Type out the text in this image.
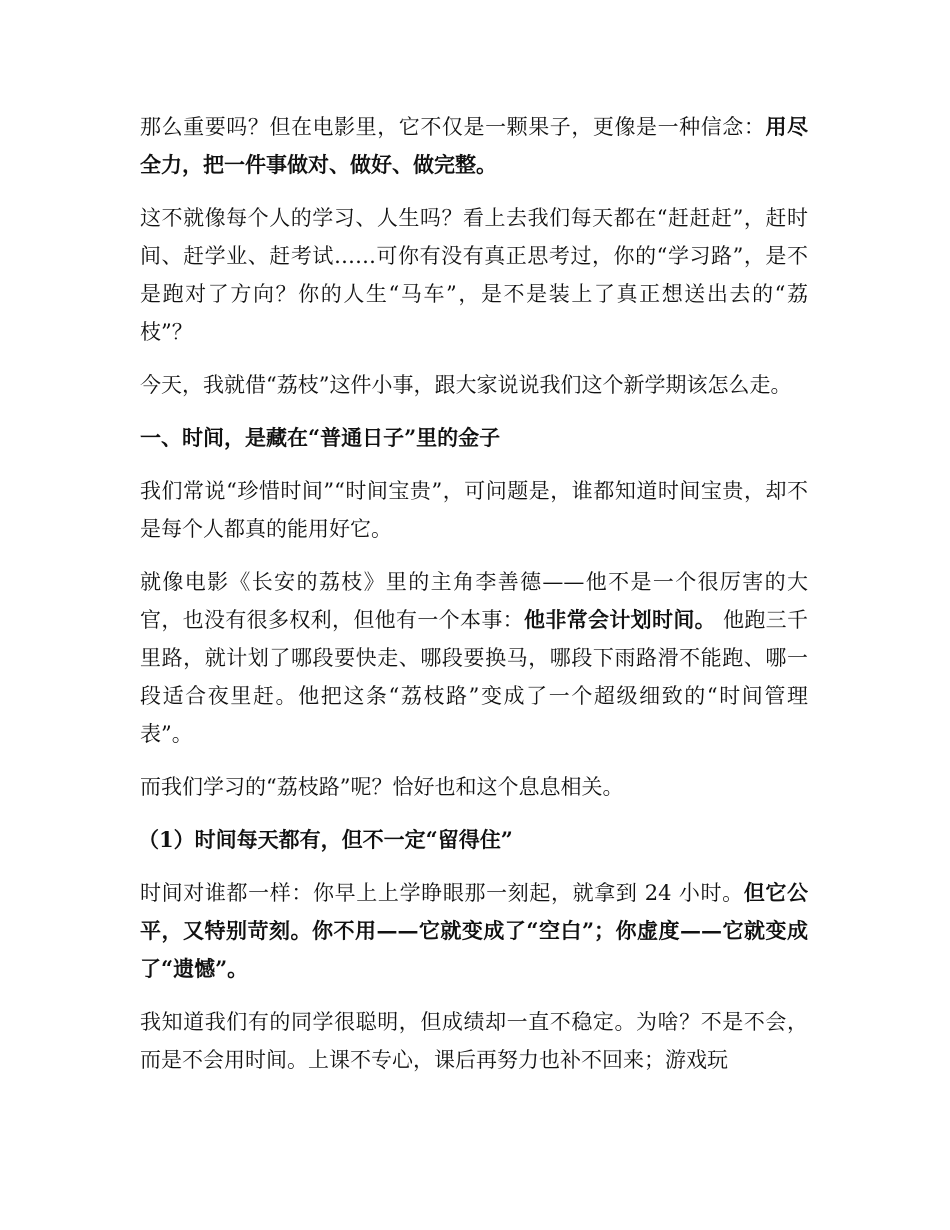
那么重要吗？但在电影里，它不仅是一颗果子，更像是一种信念：用尽全力，把一件事做对、做好、做完整。

这不就像每个人的学习、人生吗？看上去我们每天都在“赶赶赶”，赶时间、赶学业、赶考试……可你有没有真正思考过，你的“学习路”，是不是跑对了方向？你的人生“马车”，是不是装上了真正想送出去的“荔枝”？

今天，我就借“荔枝”这件小事，跟大家说说我们这个新学期该怎么走。

一、时间，是藏在“普通日子”里的金子

我们常说“珍惜时间”“时间宝贵”，可问题是，谁都知道时间宝贵，却不是每个人都真的能用好它。

就像电影《长安的荔枝》里的主角李善德——他不是一个很厉害的大官，也没有很多权利，但他有一个本事：他非常会计划时间。 他跑三千里路，就计划了哪段要快走、哪段要换马，哪段下雨路滑不能跑、哪一段适合夜里赶。他把这条“荔枝路”变成了一个超级细致的“时间管理表”。

而我们学习的“荔枝路”呢？恰好也和这个息息相关。

（1）时间每天都有，但不一定“留得住”

时间对谁都一样：你早上上学睁眼那一刻起，就拿到 24 小时。但它公平，又特别苛刻。你不用——它就变成了“空白”；你虚度——它就变成了“遗憾”。

我知道我们有的同学很聪明，但成绩却一直不稳定。为啥？不是不会，而是不会用时间。上课不专心，课后再努力也补不回来；游戏玩
